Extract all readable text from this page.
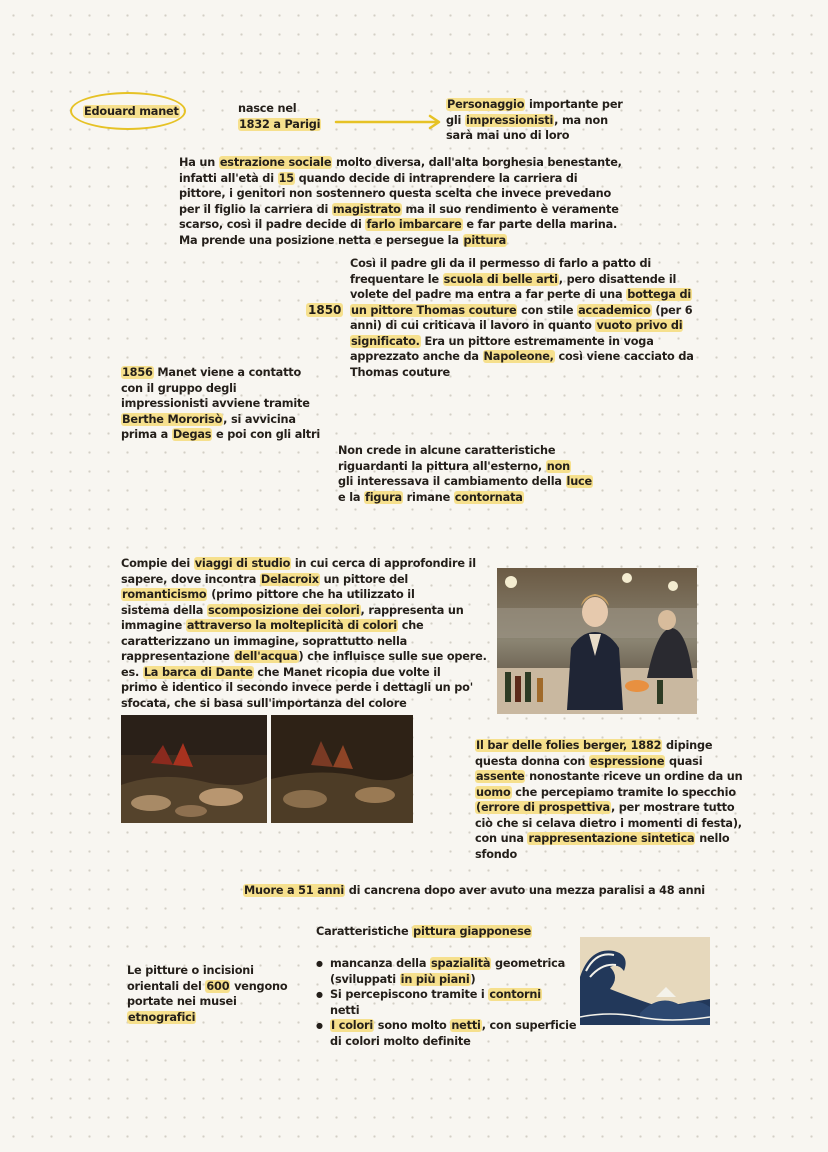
Edouard manet	nasce nel

1832 a Parigi

Personaggio importante per

gli impressionisti, ma non

sarà mai uno di loro

Ha un estrazione sociale molto diversa, dall'alta borghesia benestante,

infatti all'età di 15 quando decide di intraprendere la carriera di

pittore, i genitori non sostennero questa scelta che invece prevedano

per il figlio la carriera di magistrato ma il suo rendimento è veramente

scarso, così il padre decide di farlo imbarcare e far parte della marina.

Ma prende una posizione netta e persegue la pittura

1850

Così il padre gli da il permesso di farlo a patto di

frequentare le scuola di belle arti, pero disattende il

volete del padre ma entra a far perte di una bottega di

un pittore Thomas couture con stile accademico (per 6

anni) di cui criticava il lavoro in quanto vuoto privo di

significato. Era un pittore estremamente in voga

apprezzato anche da Napoleone, così viene cacciato da

Thomas couture

1856 Manet viene a contatto

con il gruppo degli

impressionisti avviene tramite

Berthe Mororisò, si avvicina

prima a Degas e poi con gli altri

Non crede in alcune caratteristiche

riguardanti la pittura all'esterno, non

gli interessava il cambiamento della luce

e la figura rimane contornata

Compie dei viaggi di studio in cui cerca di approfondire il

sapere, dove incontra Delacroix un pittore del

romanticismo (primo pittore che ha utilizzato il

sistema della scomposizione dei colori, rappresenta un

immagine attraverso la molteplicità di colori che

caratterizzano un immagine, soprattutto nella

rappresentazione dell'acqua) che influisce sulle sue opere.

es. La barca di Dante che Manet ricopia due volte il

primo è identico il secondo invece perde i dettagli un po'

sfocata, che si basa sull'importanza del colore

Il bar delle folies berger, 1882 dipinge

questa donna con espressione quasi

assente nonostante riceve un ordine da un

uomo che percepiamo tramite lo specchio

(errore di prospettiva, per mostrare tutto

ciò che si celava dietro i momenti di festa),

con una rappresentazione sintetica nello

sfondo

Muore a 51 anni di cancrena dopo aver avuto una mezza paralisi a 48 anni

Caratteristiche pittura giapponese

● mancanza della spazialità geometrica
(sviluppati in più piani)
● Si percepiscono tramite i contorni
netti
● I colori sono molto netti, con superficie
di colori molto definite

Le pitture o incisioni

orientali del 600 vengono

portate nei musei

etnografici
